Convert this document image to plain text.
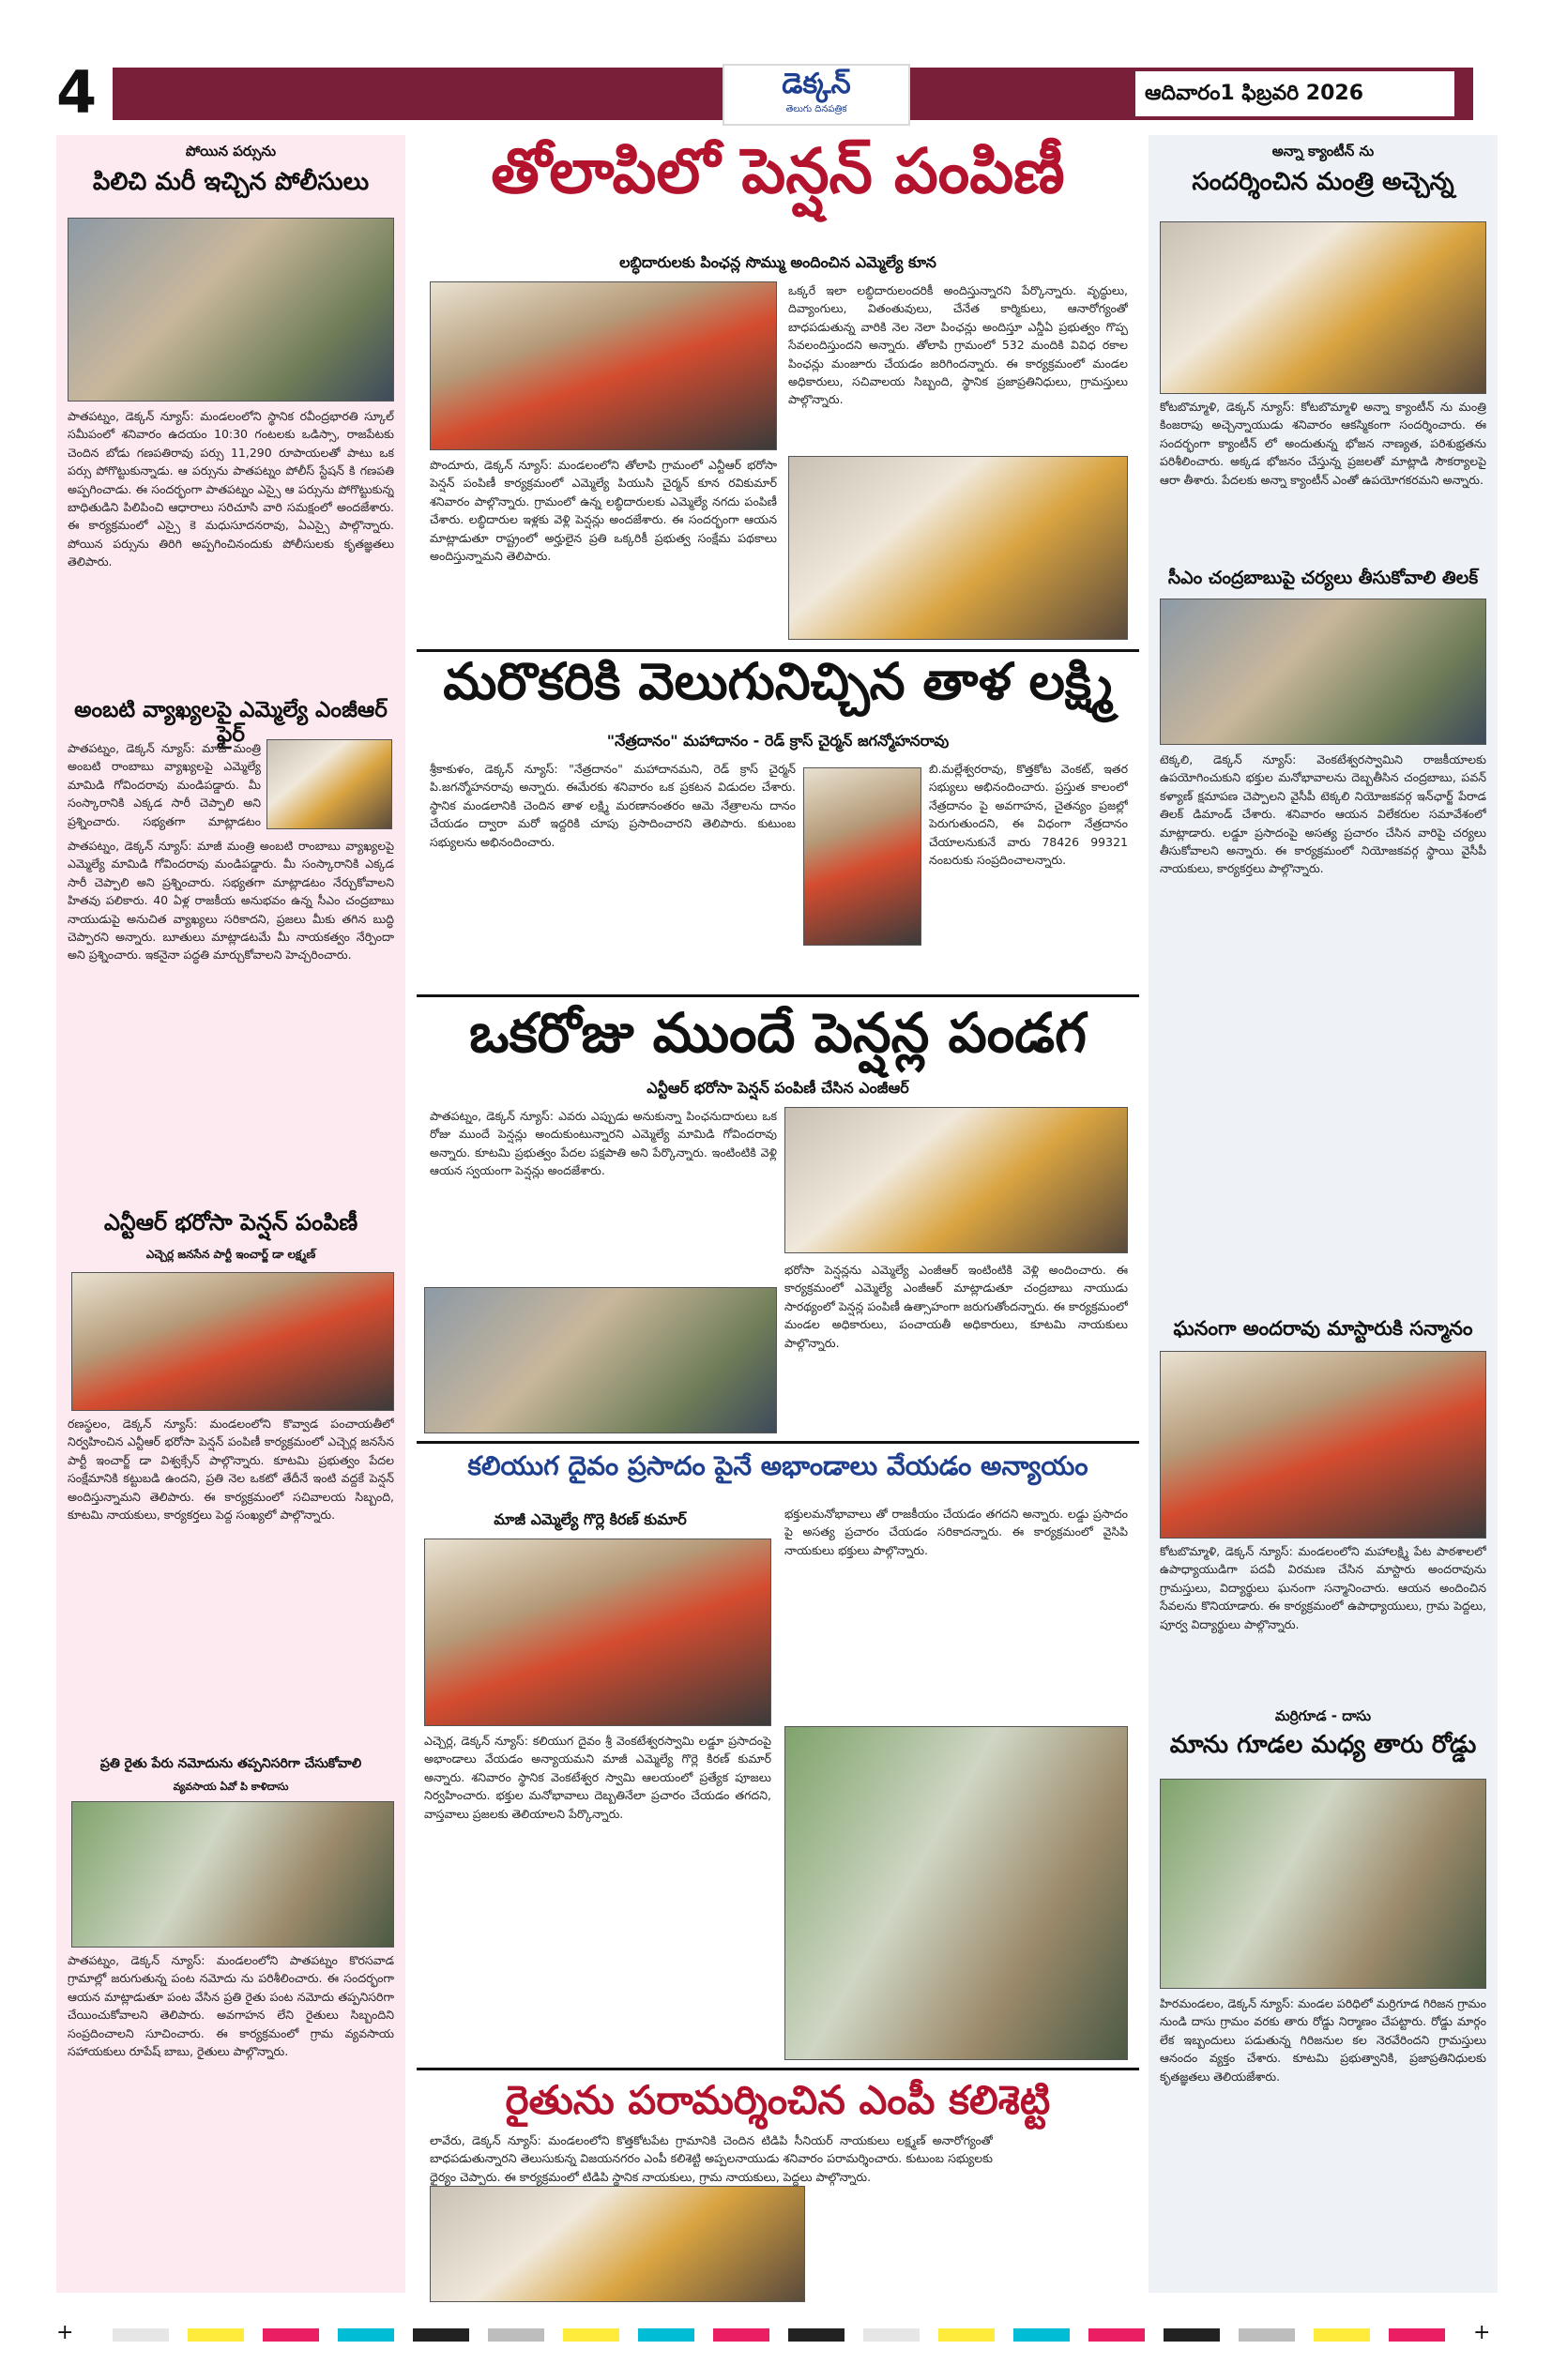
4	డెక్కన్
తెలుగు దినపత్రిక
ఆదివారం1 ఫిబ్రవరి 2026
పోయిన పర్సును
పిలిచి మరీ ఇచ్చిన పోలీసులు
పాతపట్నం, డెక్కన్ న్యూస్: మండలంలోని స్థానిక రవీంద్రభారతి స్కూల్ సమీపంలో శనివారం ఉదయం 10:30 గంటలకు ఒడిస్సా, రాజపేటకు చెందిన బోడు గణపతిరావు పర్సు 11,290 రూపాయలతో పాటు ఒక పర్సు పోగొట్టుకున్నాడు. ఆ పర్సును పాతపట్నం పోలీస్ స్టేషన్ కి గణపతి అప్పగించాడు. ఈ సందర్భంగా పాతపట్నం ఎస్సై ఆ పర్సును పోగొట్టుకున్న బాధితుడిని పిలిపించి ఆధారాలు సరిచూసి వారి సమక్షంలో అందజేశారు. ఈ కార్యక్రమంలో ఎస్సై కె మధుసూదనరావు, ఏఎస్సై పాల్గొన్నారు. పోయిన పర్సును తిరిగి అప్పగించినందుకు పోలీసులకు కృతజ్ఞతలు తెలిపారు.
అంబటి వ్యాఖ్యలపై ఎమ్మెల్యే ఎంజీఆర్ ఫైర్
పాతపట్నం, డెక్కన్ న్యూస్: మాజీ మంత్రి అంబటి రాంబాబు వ్యాఖ్యలపై ఎమ్మెల్యే మామిడి గోవిందరావు మండిపడ్డారు. మీ సంస్కారానికి ఎక్కడ సారీ చెప్పాలి అని ప్రశ్నించారు. సభ్యతగా మాట్లాడటం
పాతపట్నం, డెక్కన్ న్యూస్: మాజీ మంత్రి అంబటి రాంబాబు వ్యాఖ్యలపై ఎమ్మెల్యే మామిడి గోవిందరావు మండిపడ్డారు. మీ సంస్కారానికి ఎక్కడ సారీ చెప్పాలి అని ప్రశ్నించారు. సభ్యతగా మాట్లాడటం నేర్చుకోవాలని హితవు పలికారు. 40 ఏళ్ల రాజకీయ అనుభవం ఉన్న సీఎం చంద్రబాబు నాయుడుపై అనుచిత వ్యాఖ్యలు సరికాదని, ప్రజలు మీకు తగిన బుద్ధి చెప్పారని అన్నారు. బూతులు మాట్లాడటమే మీ నాయకత్వం నేర్పిందా అని ప్రశ్నించారు. ఇకనైనా పద్ధతి మార్చుకోవాలని హెచ్చరించారు.
ఎన్టీఆర్ భరోసా పెన్షన్ పంపిణీ
ఎచ్చెర్ల జనసేన పార్టీ ఇంచార్జ్ డా లక్ష్మణ్
రణస్థలం, డెక్కన్ న్యూస్: మండలంలోని కొవ్వాడ పంచాయతీలో నిర్వహించిన ఎన్టీఆర్ భరోసా పెన్షన్ పంపిణీ కార్యక్రమంలో ఎచ్చెర్ల జనసేన పార్టీ ఇంచార్జ్ డా విశ్వక్సేన్ పాల్గొన్నారు. కూటమి ప్రభుత్వం పేదల సంక్షేమానికి కట్టుబడి ఉందని, ప్రతి నెల ఒకటో తేదీనే ఇంటి వద్దకే పెన్షన్ అందిస్తున్నామని తెలిపారు. ఈ కార్యక్రమంలో సచివాలయ సిబ్బంది, కూటమి నాయకులు, కార్యకర్తలు పెద్ద సంఖ్యలో పాల్గొన్నారు.
ప్రతి రైతు పేరు నమోదును తప్పనిసరిగా చేసుకోవాలి
వ్యవసాయ ఏవో పి కాళిదాసు
పాతపట్నం, డెక్కన్ న్యూస్: మండలంలోని పాతపట్నం కొరసవాడ గ్రామాల్లో జరుగుతున్న పంట నమోదు ను పరిశీలించారు. ఈ సందర్భంగా ఆయన మాట్లాడుతూ పంట వేసిన ప్రతి రైతు పంట నమోదు తప్పనిసరిగా చేయించుకోవాలని తెలిపారు. అవగాహన లేని రైతులు సిబ్బందిని సంప్రదించాలని సూచించారు. ఈ కార్యక్రమంలో గ్రామ వ్యవసాయ సహాయకులు రూపేష్ బాబు, రైతులు పాల్గొన్నారు.
తోలాపిలో పెన్షన్ పంపిణీ
లబ్ధిదారులకు పింఛన్ల సొమ్ము అందించిన ఎమ్మెల్యే కూన
పొందూరు, డెక్కన్ న్యూస్: మండలంలోని తోలాపి గ్రామంలో ఎన్టీఆర్ భరోసా పెన్షన్ పంపిణీ కార్యక్రమంలో ఎమ్మెల్యే పియుసి చైర్మన్ కూన రవికుమార్ శనివారం పాల్గొన్నారు. గ్రామంలో ఉన్న లబ్ధిదారులకు ఎమ్మెల్యే నగదు పంపిణీ చేశారు. లబ్ధిదారుల ఇళ్లకు వెళ్లి పెన్షన్లు అందజేశారు. ఈ సందర్భంగా ఆయన మాట్లాడుతూ రాష్ట్రంలో అర్హులైన ప్రతి ఒక్కరికీ ప్రభుత్వ సంక్షేమ పథకాలు అందిస్తున్నామని తెలిపారు.
ఒక్కరే ఇలా లబ్ధిదారులందరికీ అందిస్తున్నారని పేర్కొన్నారు. వృద్ధులు, దివ్యాంగులు, వితంతువులు, చేనేత కార్మికులు, ఆనారోగ్యంతో బాధపడుతున్న వారికి నెల నెలా పింఛన్లు అందిస్తూ ఎన్డీఏ ప్రభుత్వం గొప్ప సేవలందిస్తుందని అన్నారు. తోలాపి గ్రామంలో 532 మందికి వివిధ రకాల పింఛన్లు మంజూరు చేయడం జరిగిందన్నారు. ఈ కార్యక్రమంలో మండల అధికారులు, సచివాలయ సిబ్బంది, స్థానిక ప్రజాప్రతినిధులు, గ్రామస్తులు పాల్గొన్నారు.
మరొకరికి వెలుగునిచ్చిన తాళ లక్ష్మి
"నేత్రదానం" మహాదానం - రెడ్ క్రాస్ చైర్మన్ జగన్మోహనరావు
శ్రీకాకుళం, డెక్కన్ న్యూస్: "నేత్రదానం" మహాదానమని, రెడ్ క్రాస్ చైర్మన్ పి.జగన్మోహనరావు అన్నారు. ఈమేరకు శనివారం ఒక ప్రకటన విడుదల చేశారు. స్థానిక మండలానికి చెందిన తాళ లక్ష్మి మరణానంతరం ఆమె నేత్రాలను దానం చేయడం ద్వారా మరో ఇద్దరికి చూపు ప్రసాదించారని తెలిపారు. కుటుంబ సభ్యులను అభినందించారు.
బి.మల్లేశ్వరరావు, కొత్తకోట వెంకట్, ఇతర సభ్యులు అభినందించారు. ప్రస్తుత కాలంలో నేత్రదానం పై అవగాహన, చైతన్యం ప్రజల్లో పెరుగుతుందని, ఈ విధంగా నేత్రదానం చేయాలనుకునే వారు 78426 99321 నంబరుకు సంప్రదించాలన్నారు.
ఒకరోజు ముందే పెన్షన్ల పండగ
ఎన్టీఆర్ భరోసా పెన్షన్ పంపిణీ చేసిన ఎంజీఆర్
పాతపట్నం, డెక్కన్ న్యూస్: ఎవరు ఎప్పుడు అనుకున్నా పింఛనుదారులు ఒక రోజు ముందే పెన్షన్లు అందుకుంటున్నారని ఎమ్మెల్యే మామిడి గోవిందరావు అన్నారు. కూటమి ప్రభుత్వం పేదల పక్షపాతి అని పేర్కొన్నారు. ఇంటింటికి వెళ్లి ఆయన స్వయంగా పెన్షన్లు అందజేశారు.
భరోసా పెన్షన్లను ఎమ్మెల్యే ఎంజీఆర్ ఇంటింటికి వెళ్లి అందించారు. ఈ కార్యక్రమంలో ఎమ్మెల్యే ఎంజీఆర్ మాట్లాడుతూ చంద్రబాబు నాయుడు సారథ్యంలో పెన్షన్ల పంపిణీ ఉత్సాహంగా జరుగుతోందన్నారు. ఈ కార్యక్రమంలో మండల అధికారులు, పంచాయతీ అధికారులు, కూటమి నాయకులు పాల్గొన్నారు.
కలియుగ దైవం ప్రసాదం పైనే అభాండాలు వేయడం అన్యాయం
మాజీ ఎమ్మెల్యే గొర్లె కిరణ్ కుమార్	భక్తులమనోభావాలు తో రాజకీయం చేయడం తగదని అన్నారు. లడ్డు ప్రసాదం పై అసత్య ప్రచారం చేయడం సరికాదన్నారు. ఈ కార్యక్రమంలో వైసిపి నాయకులు భక్తులు పాల్గొన్నారు.
ఎచ్చెర్ల, డెక్కన్ న్యూస్: కలియుగ దైవం శ్రీ వెంకటేశ్వరస్వామి లడ్డూ ప్రసాదంపై అభాండాలు వేయడం అన్యాయమని మాజీ ఎమ్మెల్యే గొర్లె కిరణ్ కుమార్ అన్నారు. శనివారం స్థానిక వెంకటేశ్వర స్వామి ఆలయంలో ప్రత్యేక పూజలు నిర్వహించారు. భక్తుల మనోభావాలు దెబ్బతినేలా ప్రచారం చేయడం తగదని, వాస్తవాలు ప్రజలకు తెలియాలని పేర్కొన్నారు.
రైతును పరామర్శించిన ఎంపీ కలిశెట్టి
లావేరు, డెక్కన్ న్యూస్: మండలంలోని కొత్తకోటపేట గ్రామానికి చెందిన టిడిపి సీనియర్ నాయకులు లక్ష్మణ్ అనారోగ్యంతో బాధపడుతున్నారని తెలుసుకున్న విజయనగరం ఎంపీ కలిశెట్టి అప్పలనాయుడు శనివారం పరామర్శించారు. కుటుంబ సభ్యులకు ధైర్యం చెప్పారు. ఈ కార్యక్రమంలో టిడిపి స్థానిక నాయకులు, గ్రామ నాయకులు, పెద్దలు పాల్గొన్నారు.
అన్నా క్యాంటీన్ ను
సందర్శించిన మంత్రి అచ్చెన్న
కోటబొమ్మాళి, డెక్కన్ న్యూస్: కోటబొమ్మాళి అన్నా క్యాంటీన్ ను మంత్రి కింజరాపు అచ్చెన్నాయుడు శనివారం ఆకస్మికంగా సందర్శించారు. ఈ సందర్భంగా క్యాంటీన్ లో అందుతున్న భోజన నాణ్యత, పరిశుభ్రతను పరిశీలించారు. అక్కడ భోజనం చేస్తున్న ప్రజలతో మాట్లాడి సౌకర్యాలపై ఆరా తీశారు. పేదలకు అన్నా క్యాంటీన్ ఎంతో ఉపయోగకరమని అన్నారు.
సీఎం చంద్రబాబుపై చర్యలు తీసుకోవాలి తిలక్
టెక్కలి, డెక్కన్ న్యూస్: వెంకటేశ్వరస్వామిని రాజకీయాలకు ఉపయోగించుకుని భక్తుల మనోభావాలను దెబ్బతీసిన చంద్రబాబు, పవన్ కళ్యాణ్ క్షమాపణ చెప్పాలని వైసీపీ టెక్కలి నియోజకవర్గ ఇన్‌ఛార్జ్ పేరాడ తిలక్ డిమాండ్ చేశారు. శనివారం ఆయన విలేకరుల సమావేశంలో మాట్లాడారు. లడ్డూ ప్రసాదంపై అసత్య ప్రచారం చేసిన వారిపై చర్యలు తీసుకోవాలని అన్నారు. ఈ కార్యక్రమంలో నియోజకవర్గ స్థాయి వైసీపీ నాయకులు, కార్యకర్తలు పాల్గొన్నారు.
ఘనంగా అందరావు మాస్టారుకి సన్మానం
కోటబొమ్మాళి, డెక్కన్ న్యూస్: మండలంలోని మహాలక్ష్మి పేట పాఠశాలలో ఉపాధ్యాయుడిగా పదవీ విరమణ చేసిన మాస్టారు అందరావును గ్రామస్తులు, విద్యార్థులు ఘనంగా సన్మానించారు. ఆయన అందించిన సేవలను కొనియాడారు. ఈ కార్యక్రమంలో ఉపాధ్యాయులు, గ్రామ పెద్దలు, పూర్వ విద్యార్థులు పాల్గొన్నారు.
మర్రిగూడ - దాసు
మాను గూడల మధ్య తారు రోడ్డు
హిరమండలం, డెక్కన్ న్యూస్: మండల పరిధిలో మర్రిగూడ గిరిజన గ్రామం నుండి దాసు గ్రామం వరకు తారు రోడ్డు నిర్మాణం చేపట్టారు. రోడ్డు మార్గం లేక ఇబ్బందులు పడుతున్న గిరిజనుల కల నెరవేరిందని గ్రామస్తులు ఆనందం వ్యక్తం చేశారు. కూటమి ప్రభుత్వానికి, ప్రజాప్రతినిధులకు కృతజ్ఞతలు తెలియజేశారు.
+	+
